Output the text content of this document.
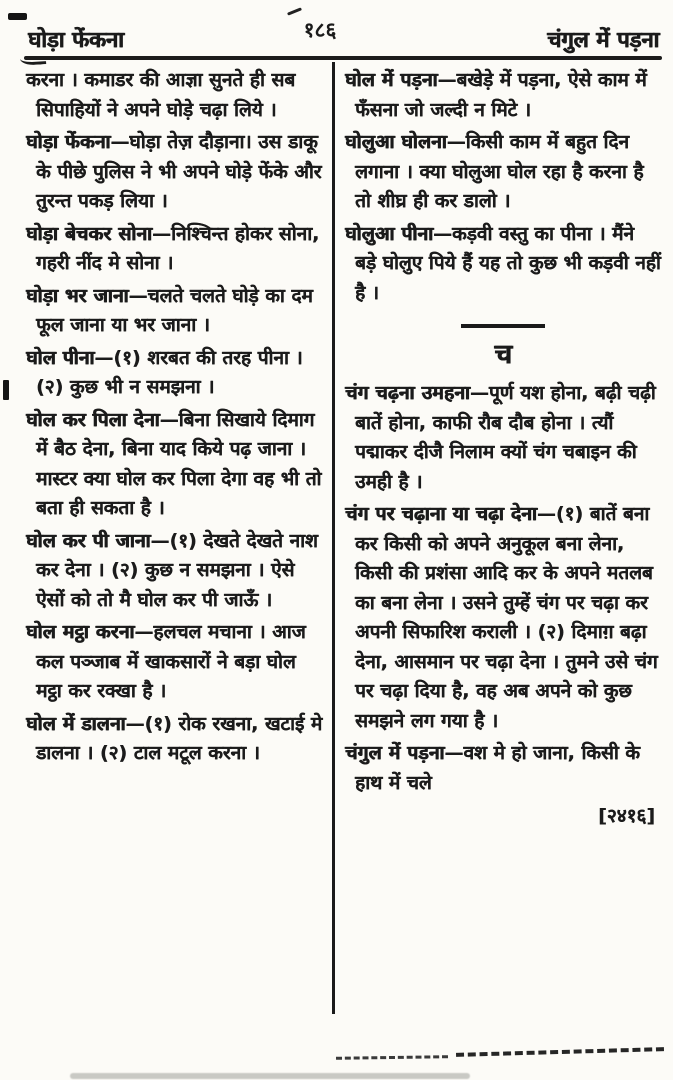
घोड़ा फेंकना	चंगुल में पड़ना
१८६

करना । कमाडर की आज्ञा सुनते ही सब सिपाहियों ने अपने घोड़े चढ़ा लिये ।

घोड़ा फेंकना—घोड़ा तेज़ दौड़ाना। उस डाकू के पीछे पुलिस ने भी अपने घोड़े फेंके और तुरन्त पकड़ लिया ।

घोड़ा बेचकर सोना—निश्चिन्त होकर सोना, गहरी नींद मे सोना ।

घोड़ा भर जाना—चलते चलते घोड़े का दम फूल जाना या भर जाना ।

घोल पीना—(१) शरबत की तरह पीना । (२) कुछ भी न समझना ।

घोल कर पिला देना—बिना सिखाये दिमाग में बैठ देना, बिना याद किये पढ़ जाना । मास्टर क्या घोल कर पिला देगा वह भी तो बता ही सकता है ।

घोल कर पी जाना—(१) देखते देखते नाश कर देना । (२) कुछ न समझना । ऐसे ऐसों को तो मै घोल कर पी जाऊँ ।

घोल मट्ठा करना—हलचल मचाना । आज कल पञ्जाब में खाकसारों ने बड़ा घोल मट्ठा कर रक्खा है ।

घोल में डालना—(१) रोक रखना, खटाई मे डालना । (२) टाल मटूल करना ।

घोल में पड़ना—बखेड़े में पड़ना, ऐसे काम में फँसना जो जल्दी न मिटे ।

घोलुआ घोलना—किसी काम में बहुत दिन लगाना । क्या घोलुआ घोल रहा है करना है तो शीघ्र ही कर डालो ।

घोलुआ पीना—कड़वी वस्तु का पीना । मैंने बड़े घोलुए पिये हैं यह तो कुछ भी कड़वी नहीं है ।

च

चंग चढ़ना उमहना—पूर्ण यश होना, बढ़ी चढ़ी बातें होना, काफी रौब दौब होना । त्यौं पद्माकर दीजै निलाम क्यों चंग चबाइन की उमही है ।

चंग पर चढ़ाना या चढ़ा देना—(१) बातें बना कर किसी को अपने अनुकूल बना लेना, किसी की प्रशंसा आदि कर के अपने मतलब का बना लेना । उसने तुम्हें चंग पर चढ़ा कर अपनी सिफारिश कराली । (२) दिमाग़ बढ़ा देना, आसमान पर चढ़ा देना । तुमने उसे चंग पर चढ़ा दिया है, वह अब अपने को कुछ समझने लग गया है ।

चंगुल में पड़ना—वश मे हो जाना, किसी के हाथ में चले

[२४१६]
